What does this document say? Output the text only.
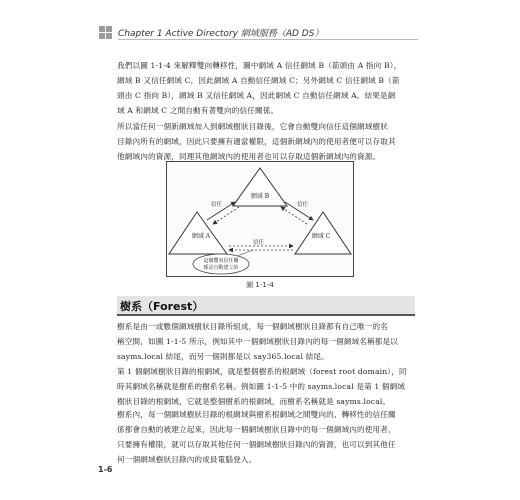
Chapter 1 Active Directory 網域服務（AD DS）
我們以圖 1-1-4 來解釋雙向轉移性，圖中網域 A 信任網域 B（箭頭由 A 指向 B），
網域 B 又信任網域 C，因此網域 A 自動信任網域 C；另外網域 C 信任網域 B（箭
頭由 C 指向 B），網域 B 又信任網域 A，因此網域 C 自動信任網域 A。結果是網
域 A 和網域 C 之間自動有著雙向的信任關係。
所以當任何一個新網域加入到網域樹狀目錄後，它會自動雙向信任這個網域樹狀
目錄內所有的網域，因此只要擁有適當權限，這個新網域內的使用者便可以存取其
他網域內的資源，同理其他網域內的使用者也可以存取這個新網域內的資源。
網域 B
網域 A	網域 C
信任	信任
信任
這個雙向信任關
係是自動建立的
圖 1-1-4
樹系（Forest）
樹系是由一或數個網域樹狀目錄所組成，每一個網域樹狀目錄都有自己唯一的名
稱空間，如圖 1-1-5 所示，例如其中一個網域樹狀目錄內的每一個網域名稱都是以
sayms.local 結尾，而另一個則都是以 say365.local 結尾。
第 1 個網域樹狀目錄的根網域，就是整個樹系的根網域（forest root domain），同
時其網域名稱就是樹系的樹系名稱。例如圖 1-1-5 中的 sayms.local 是第 1 個網域
樹狀目錄的根網域，它就是整個樹系的根網域，而樹系名稱就是 sayms.local。
樹系內，每一個網域樹狀目錄的根網域與樹系根網域之間雙向的、轉移性的信任關
係都會自動的被建立起來，因此每一個網域樹狀目錄中的每一個網域內的使用者，
只要擁有權限，就可以存取其他任何一個網域樹狀目錄內的資源，也可以到其他任
何一個網域樹狀目錄內的成員電腦登入。
1-6
